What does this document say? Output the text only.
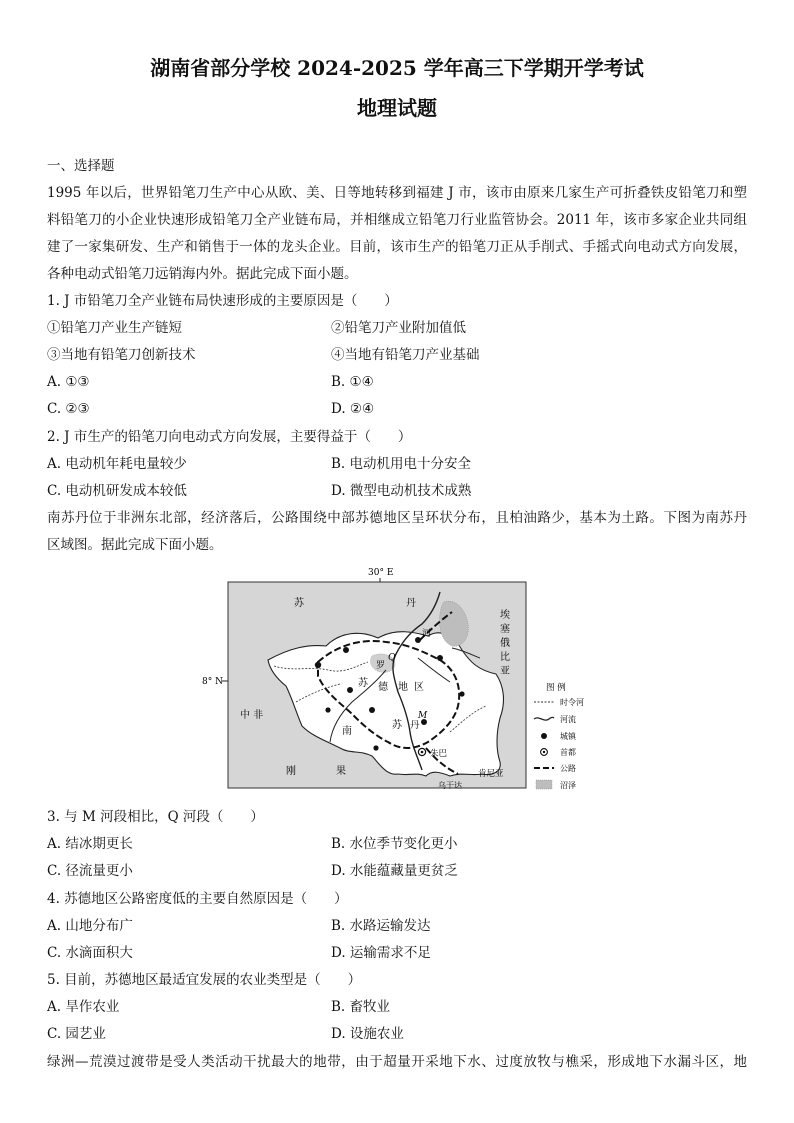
湖南省部分学校 2024-2025 学年高三下学期开学考试
地理试题
一、选择题
1995 年以后，世界铅笔刀生产中心从欧、美、日等地转移到福建 J 市，该市由原来几家生产可折叠铁皮铅笔刀和塑
料铅笔刀的小企业快速形成铅笔刀全产业链布局，并相继成立铅笔刀行业监管协会。2011 年，该市多家企业共同组
建了一家集研发、生产和销售于一体的龙头企业。目前，该市生产的铅笔刀正从手削式、手摇式向电动式方向发展，
各种电动式铅笔刀远销海内外。据此完成下面小题。
1. J 市铅笔刀全产业链布局快速形成的主要原因是（　　）
①铅笔刀产业生产链短	②铅笔刀产业附加值低
③当地有铅笔刀创新技术	④当地有铅笔刀产业基础
A. ①③	B. ①④
C. ②③	D. ②④
2. J 市生产的铅笔刀向电动式方向发展，主要得益于（　　）
A. 电动机年耗电量较少	B. 电动机用电十分安全
C. 电动机研发成本较低	D. 微型电动机技术成熟
南苏丹位于非洲东北部，经济落后，公路围绕中部苏德地区呈环状分布，且柏油路少，基本为土路。下图为南苏丹
区域图。据此完成下面小题。
30° E
8° N
苏	丹
河
埃
塞
俄
比
亚
中 非
刚	果	肯尼亚
乌干达
苏 德 地 区
南
苏 丹
罗
Q
M
朱巴
图 例
时令河
河流
城镇
首都
公路
沼泽
3. 与 M 河段相比，Q 河段（　　）
A. 结冰期更长	B. 水位季节变化更小
C. 径流量更小	D. 水能蕴藏量更贫乏
4. 苏德地区公路密度低的主要自然原因是（　　）
A. 山地分布广	B. 水路运输发达
C. 水滴面积大	D. 运输需求不足
5. 目前，苏德地区最适宜发展的农业类型是（　　）
A. 旱作农业	B. 畜牧业
C. 园艺业	D. 设施农业
绿洲—荒漠过渡带是受人类活动干扰最大的地带，由于超量开采地下水、过度放牧与樵采，形成地下水漏斗区，地
